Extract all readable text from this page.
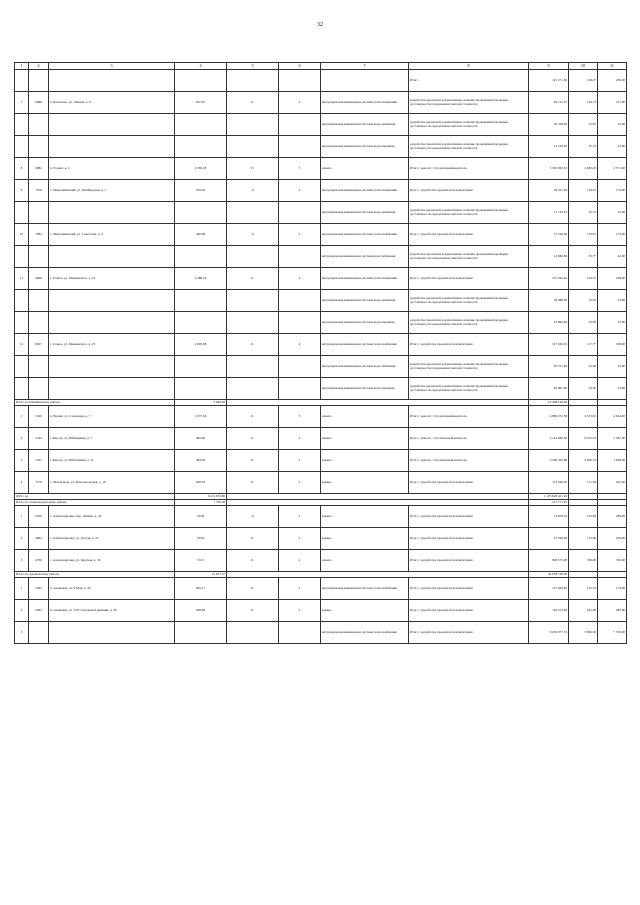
32
1	2	3	4	5	6	7	8	9	10	11
							Итого	125 271,69	196,27	238,00
7	6988	п. Балашово, ул. Ленина, д. 9	637,95	К	2	внутридомовая инженерная система теплоснабжения	разработка проектной документации, наличие проведённой проверки достоверности определения сметной стоимости	82 121,57	128,73	157,00
						внутридомовая инженерная система водоснабжения	разработка проектной документации, наличие проведённой проверки достоверности определения сметной стоимости	20 328,92	31,87	42,00
						внутридомовая инженерная система водоотведения	разработка проектной документации, наличие проведённой проверки достоверности определения сметной стоимости	12 109,46	35,73	41,00
8	6982	п. Росинт, к. 2	2 583,28	П	5	крыша	Итого / ремонт / строительный контроль	5 565 993,53	2 685,03	3 571,00
9	7076	с. Мирошкинский, ул. Октябрьская, д. 7	359,62	Д	2	внутридомовая инженерная система теплоснабжения	Итого / разработка проектной документации	56 917,94	158,27	179,00
						внутридомовая инженерная система водоснабжения	разработка проектной документации, наличие проведённой проверки достоверности определения сметной стоимости	12 132,42	33,72	42,00
10	7084	с. Мирошкинский, ул. Советская, д. 4	440,08	Д	2	внутридомовая инженерная система теплоснабжения	Итого / разработка проектной документации	75 226,69	170,91	179,00
						внутридомовая инженерная система водоснабжения	разработка проектной документации, наличие проведённой проверки достоверности определения сметной стоимости	14 860,89	33,77	42,00
11	6926	г. Тоцкое, ул. Маяковского, д. 22	2 489,18	К	4	внутридомовая инженерная система теплоснабжения	Итого / разработка проектной документации	257 292,62	103,37	198,00
						внутридомовая инженерная система водоснабжения	разработка проектной документации, наличие проведённой проверки достоверности определения сметной стоимости	29 988,30	12,05	23,00
						внутридомовая инженерная система водоотведения	разработка проектной документации, наличие проведённой проверки достоверности определения сметной стоимости	61 862,46	24,85	23,00
12	6927	г. Тоцкое, ул. Маяковского, д. 25	2 695,88	К	4	внутридомовая инженерная система теплоснабжения	Итого / разработка проектной документации	317 499,35	117,77	198,00
						внутридомовая инженерная система водоснабжения	разработка проектной документации, наличие проведённой проверки достоверности определения сметной стоимости	63 791,09	23,66	23,00
						внутридомовая инженерная система водоотведения	разработка проектной документации, наличие проведённой проверки достоверности определения сметной стоимости	65 897,90	24,50	23,00
Итого по Шалкинскому району			3 946,58					10 498 199,96		
1	7240	п. Вадим, ул. Совхозная, д. 7	1 073,56	К	3	крыша	Итого / ремонт / строительный контроль	4 869 253,58	4 535,61	4 644,00
2	7242	г. Карсук, ул. Юбилейная, д. 7	482,90	К	2	крыша	Итого / ремонт / строительный контроль	3 124 982,56	6 473,22	7 587,00
3	7241	г. Карсук, ул. Юбилейная, д. 11	484,20	К	2	крыша	Итого / ремонт / строительный контроль	3 290 392,86	6 800,79	7 828,00
4	7170	с. Малая вода, ул. Комсомольская, д. 16	646,05	К	2	крыша	Итого / разработка проектной документации	113 560,20	151,64	247,00
2021 год			6 212 055,86					1 105 826 401,19		
Итого по Александровскому району			1 700,38					211 771,25		
1	4709	с. Александровка, пер. Ленина, д. 42	324,8	Д	2	крыша	Итого / разработка проектной документации	74 859,54	225,84	288,00
2	4664	с. Александровка, ул. Гоголя, д. 22	529,9	К	2	крыша	Итого / разработка проектной документации	57 036,99	172,96	259,00
3	4706	с. Александровка, ул. Курская, д. 36	712,5	К	2	крыша	Итого / разработка проектной документации	999 575,00	330,00	330,00
Итого по Адамовскому району			12 657,37					26 058 749,06		
1	4592	п. Адамовка, ул. 9 Мая, д. 44	995,17	К	2	внутридомовая инженерная система теплоснабжения	Итого / разработка проектной документации	157 402,85	135,52	179,00
2	4583	п. Адамовка, ул. 370 Стрелковой дивизии, д. 20	308,96	К	2	крыша	Итого / разработка проектной документации	136 273,49	441,08	487,00
3						внутридомовая инженерная система теплоснабжения	Итого / разработка проектной документации	6 050 977,74	5 890,50	7 576,00
